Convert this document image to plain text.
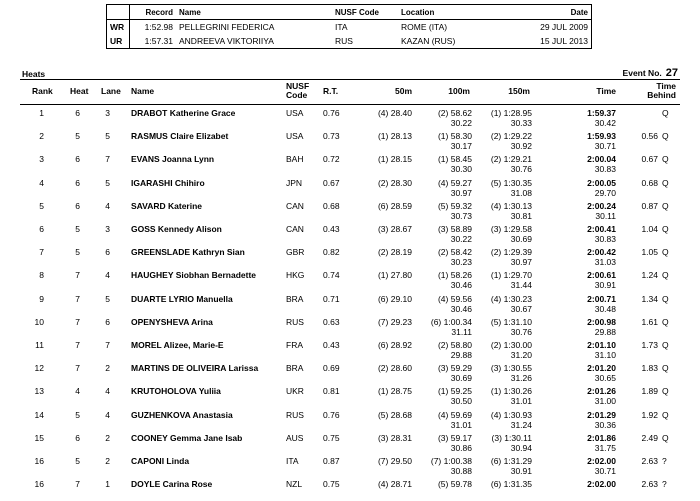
	Record	Name	NUSF Code	Location	Date
WR	1:52.98	PELLEGRINI FEDERICA	ITA	ROME (ITA)	29 JUL 2009
UR	1:57.31	ANDREEVA VIKTORIIYA	RUS	KAZAN (RUS)	15 JUL 2013
Heats	Event No. 27
Rank Heat Lane Name	NUSF
Code R.T.	50m	100m	150m	Time	Time
Behind
1	6	3 DRABOT Katherine Grace	USA 0.76	(4) 28.40	(2) 58.62	(1) 1:28.95	1:59.37	Q
30.22	30.33	30.42
2	5	5 RASMUS Claire Elizabet	USA 0.73	(1) 28.13	(1) 58.30	(2) 1:29.22	1:59.93	0.56 Q
30.17	30.92	30.71
3	6	7 EVANS Joanna Lynn	BAH 0.72	(1) 28.15	(1) 58.45	(2) 1:29.21	2:00.04	0.67 Q
30.30	30.76	30.83
4	6	5 IGARASHI Chihiro	JPN 0.67	(2) 28.30	(4) 59.27	(5) 1:30.35	2:00.05	0.68 Q
30.97	31.08	29.70
5	6	4 SAVARD Katerine	CAN 0.68	(6) 28.59	(5) 59.32	(4) 1:30.13	2:00.24	0.87 Q
30.73	30.81	30.11
6	5	3 GOSS Kennedy Alison	CAN 0.43	(3) 28.67	(3) 58.89	(3) 1:29.58	2:00.41	1.04 Q
30.22	30.69	30.83
7	5	6 GREENSLADE Kathryn Sian	GBR 0.82	(2) 28.19	(2) 58.42	(2) 1:29.39	2:00.42	1.05 Q
30.23	30.97	31.03
8	7	4 HAUGHEY Siobhan Bernadette	HKG 0.74	(1) 27.80	(1) 58.26	(1) 1:29.70	2:00.61	1.24 Q
30.46	31.44	30.91
9	7	5 DUARTE LYRIO Manuella	BRA 0.71	(6) 29.10	(4) 59.56	(4) 1:30.23	2:00.71	1.34 Q
30.46	30.67	30.48
10	7	6 OPENYSHEVA Arina	RUS 0.63	(7) 29.23	(6) 1:00.34	(5) 1:31.10	2:00.98	1.61 Q
31.11	30.76	29.88
11	7	7 MOREL Alizee, Marie-E	FRA 0.43	(6) 28.92	(2) 58.80	(2) 1:30.00	2:01.10	1.73 Q
29.88	31.20	31.10
12	7	2 MARTINS DE OLIVEIRA Larissa	BRA 0.69	(2) 28.60	(3) 59.29	(3) 1:30.55	2:01.20	1.83 Q
30.69	31.26	30.65
13	4	4 KRUTOHOLOVA Yuliia	UKR 0.81	(1) 28.75	(1) 59.25	(1) 1:30.26	2:01.26	1.89 Q
30.50	31.01	31.00
14	5	4 GUZHENKOVA Anastasia	RUS 0.76	(5) 28.68	(4) 59.69	(4) 1:30.93	2:01.29	1.92 Q
31.01	31.24	30.36
15	6	2 COONEY Gemma Jane Isab	AUS 0.75	(3) 28.31	(3) 59.17	(3) 1:30.11	2:01.86	2.49 Q
30.86	30.94	31.75
16	5	2 CAPONI Linda	ITA	0.87	(7) 29.50	(7) 1:00.38	(6) 1:31.29	2:02.00	2.63 ?
30.88	30.91	30.71
16	7	1 DOYLE Carina Rose	NZL 0.75	(4) 28.71	(5) 59.78	(6) 1:31.35	2:02.00	2.63 ?
